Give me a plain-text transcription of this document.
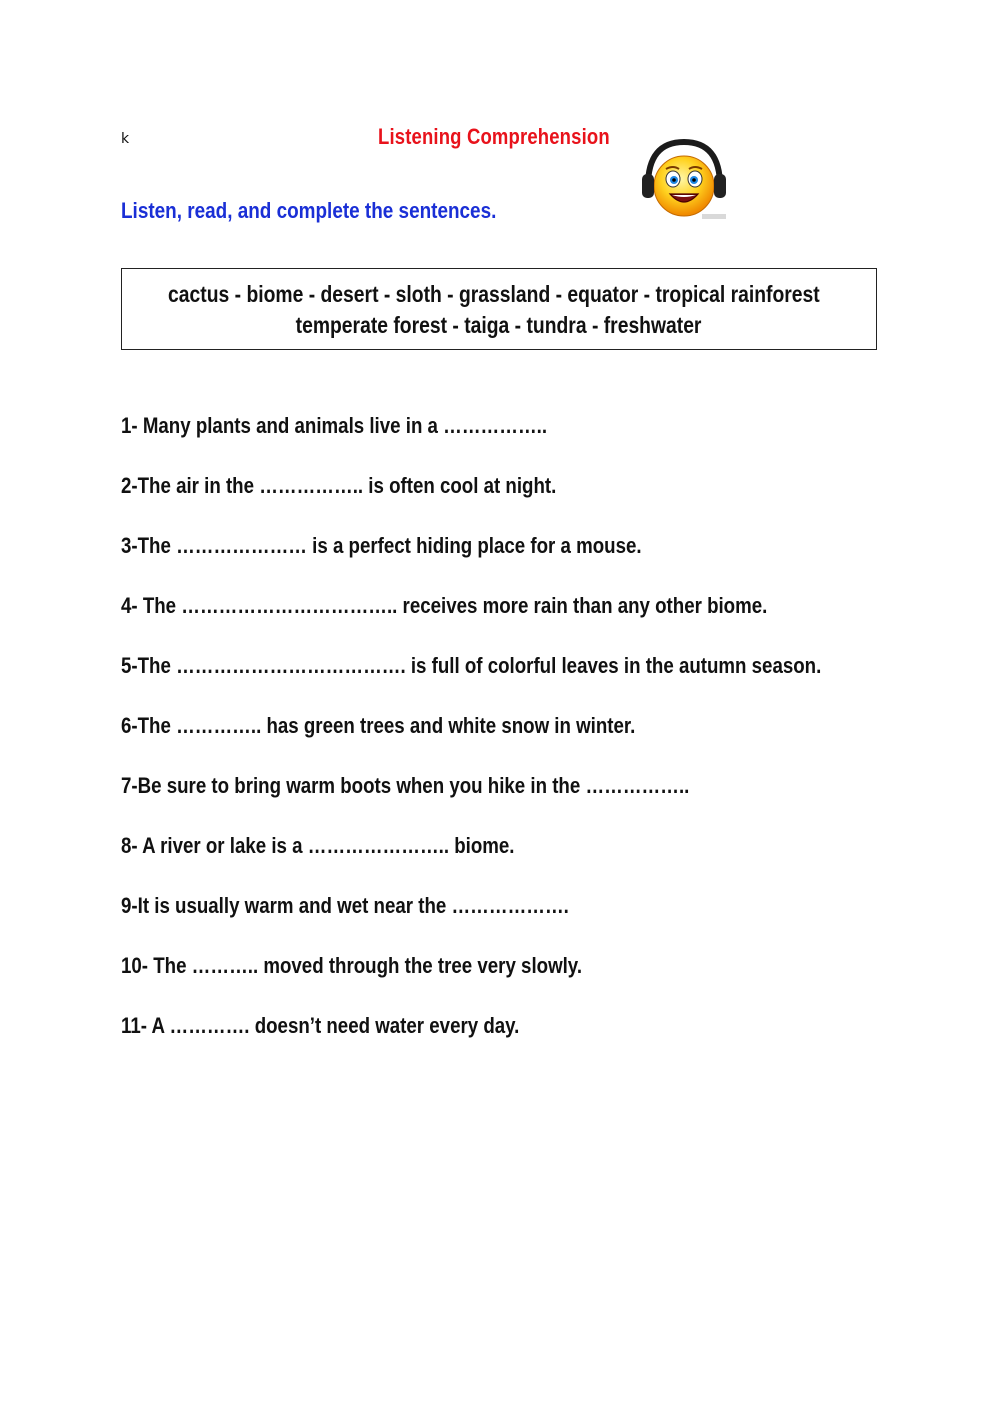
k	Listening Comprehension
Listen, read, and complete the sentences.
cactus - biome - desert - sloth - grassland - equator - tropical rainforest
temperate forest - taiga - tundra - freshwater
1- Many plants and animals live in a ……………..
2-The air in the …………….. is often cool at night.
3-The ………………… is a perfect hiding place for a mouse.
4- The …………………………….. receives more rain than any other biome.
5-The ………………………………. is full of colorful leaves in the autumn season.
6-The ………….. has green trees and white snow in winter.
7-Be sure to bring warm boots when you hike in the ……………..
8- A river or lake is a ………………….. biome.
9-It is usually warm and wet near the ……………….
10- The ……….. moved through the tree very slowly.
11- A …………. doesn’t need water every day.
